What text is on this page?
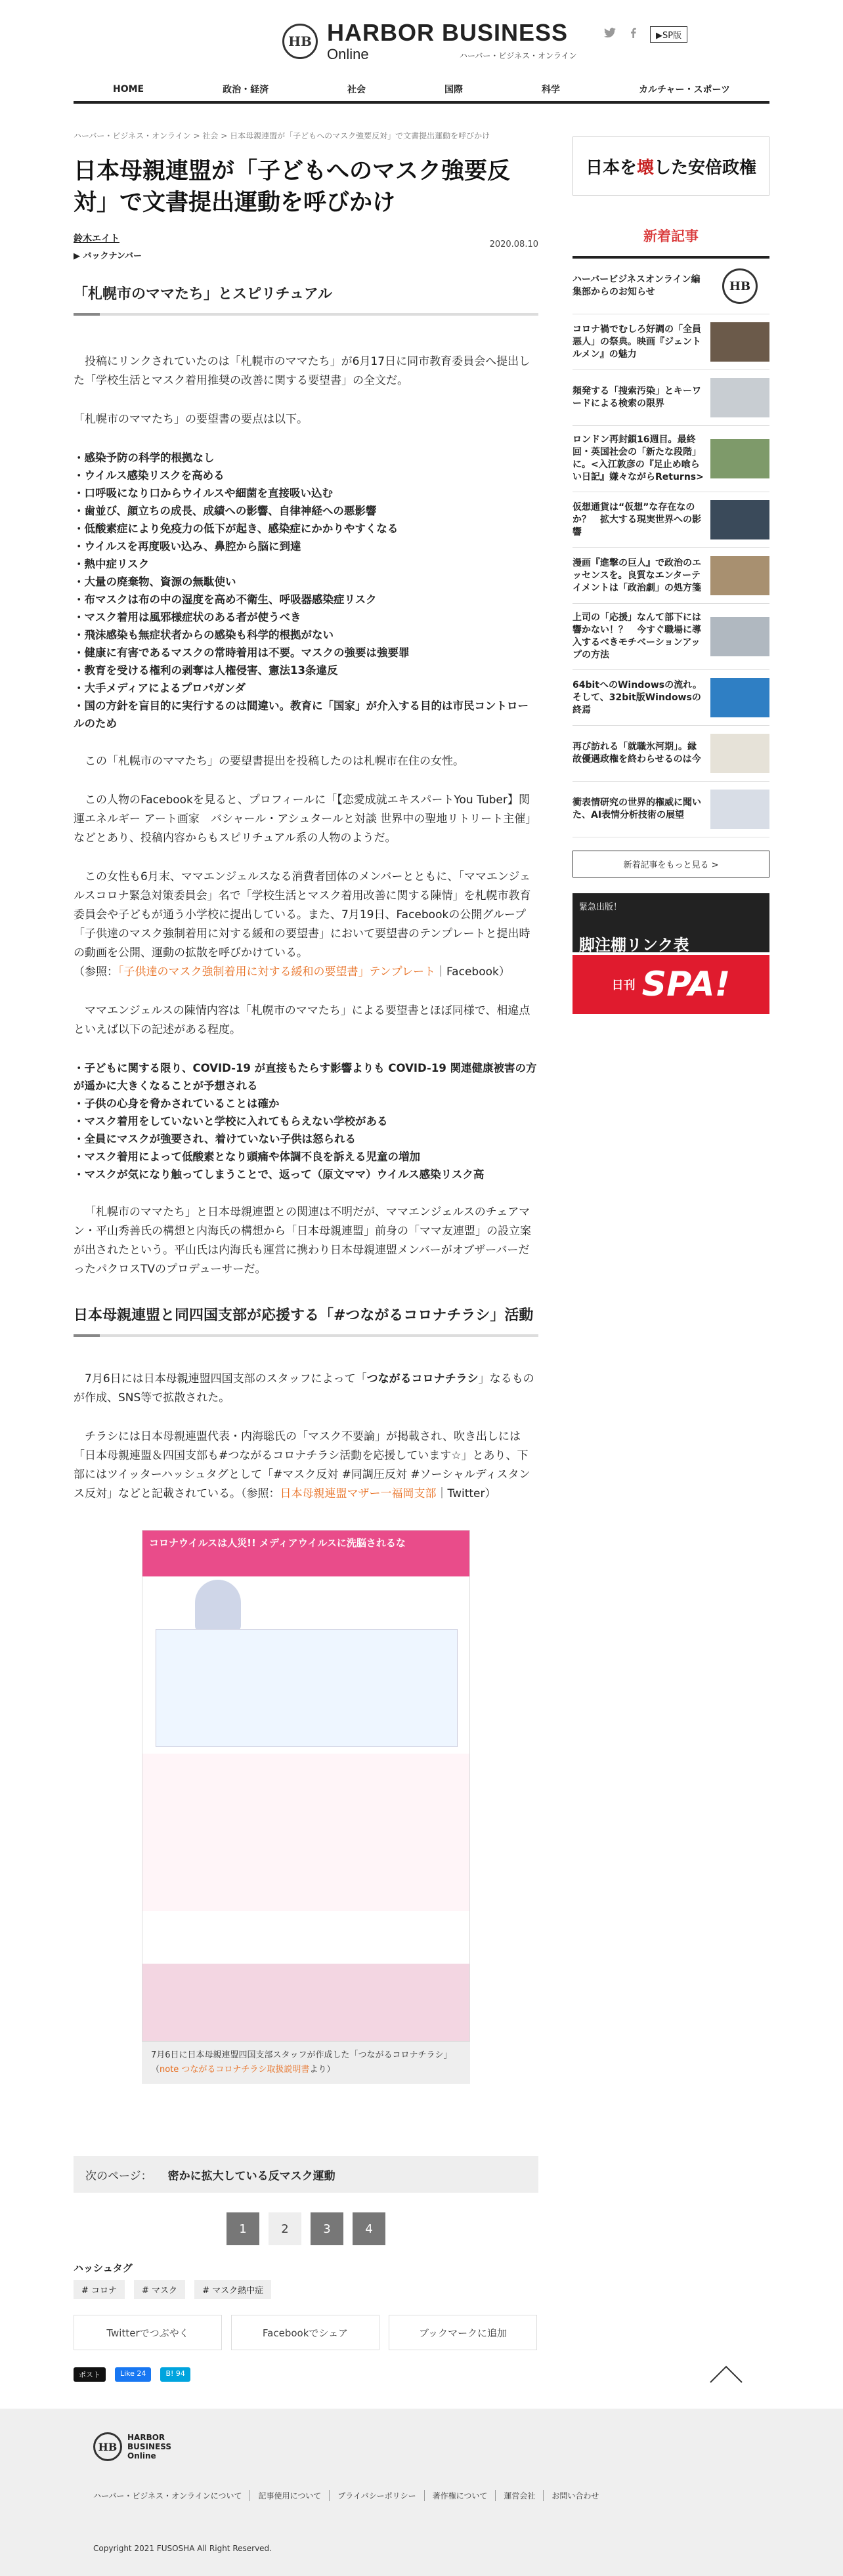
HB HARBOR BUSINESS
Online	ハーバー・ビジネス・オンライン
▶SP版
HOME	政治・経済	社会	国際	科学	カルチャー・スポーツ
ハーバー・ビジネス・オンライン > 社会 > 日本母親連盟が「子どもへのマスク強要反対」で文書提出運動を呼びかけ
日本母親連盟が「子どもへのマスク強要反対」で文書提出運動を呼びかけ
鈴木エイト
2020.08.10
▶ バックナンバー
「札幌市のママたち」とスピリチュアル

投稿にリンクされていたのは「札幌市のママたち」が6月17日に同市教育委員会へ提出した「学校生活とマスク着用推奨の改善に関する要望書」の全文だ。

「札幌市のママたち」の要望書の要点は以下。

・ 感染予防の科学的根拠なし
・ ウイルス感染リスクを高める
・ 口呼吸になり口からウイルスや細菌を直接吸い込む
・ 歯並び、顔立ちの成長、成績への影響、自律神経への悪影響
・ 低酸素症により免疫力の低下が起き、感染症にかかりやすくなる
・ ウイルスを再度吸い込み、鼻腔から脳に到達
・ 熱中症リスク
・ 大量の廃棄物、資源の無駄使い
・ 布マスクは布の中の湿度を高め不衛生、呼吸器感染症リスク
・ マスク着用は風邪様症状のある者が使うべき
・ 飛沫感染も無症状者からの感染も科学的根拠がない
・ 健康に有害であるマスクの常時着用は不要。マスクの強要は強要罪
・ 教育を受ける権利の剥奪は人権侵害、憲法13条違反
・ 大手メディアによるプロパガンダ
・ 国の方針を盲目的に実行するのは間違い。教育に「国家」が介入する目的は市民コントロールのため

この「札幌市のママたち」の要望書提出を投稿したのは札幌市在住の女性。

この人物のFacebookを見ると、プロフィールに「【恋愛成就エキスパートYou Tuber】関運エネルギー アート画家　バシャール・アシュタールと対談 世界中の聖地リトリート主催」などとあり、投稿内容からもスピリチュアル系の人物のようだ。

この女性も6月末、ママエンジェルスなる消費者団体のメンバーとともに、「ママエンジェルスコロナ緊急対策委員会」名で「学校生活とマスク着用改善に関する陳情」を札幌市教育委員会や子どもが通う小学校に提出している。また、7月19日、Facebookの公開グループ「子供達のマスク強制着用に対する緩和の要望書」において要望書のテンプレートと提出時の動画を公開、運動の拡散を呼びかけている。
（参照：「子供達のマスク強制着用に対する緩和の要望書」テンプレート｜Facebook）

ママエンジェルスの陳情内容は「札幌市のママたち」による要望書とほぼ同様で、相違点といえば以下の記述がある程度。

・ 子どもに関する限り、COVID-19 が直接もたらす影響よりも COVID-19 関連健康被害の方が遥かに大きくなることが予想される
・ 子供の心身を脅かされていることは確か
・ マスク着用をしていないと学校に入れてもらえない学校がある
・ 全員にマスクが強要され、着けていない子供は怒られる
・ マスク着用によって低酸素となり頭痛や体調不良を訴える児童の増加
・ マスクが気になり触ってしまうことで、返って（原文ママ）ウイルス感染リスク高

「札幌市のママたち」と日本母親連盟との関連は不明だが、ママエンジェルスのチェアマン・平山秀善氏の構想と内海氏の構想から「日本母親連盟」前身の「ママ友連盟」の設立案が出されたという。平山氏は内海氏も運営に携わり日本母親連盟メンバーがオブザーバーだったパクロスTVのプロデューサーだ。

日本母親連盟と同四国支部が応援する「#つながるコロナチラシ」活動

7月6日には日本母親連盟四国支部のスタッフによって「つながるコロナチラシ」なるものが作成、SNS等で拡散された。

チラシには日本母親連盟代表・内海聡氏の「マスク不要論」が掲載され、吹き出しには「日本母親連盟＆四国支部も#つながるコロナチラシ活動を応援しています☆」とあり、下部にはツイッターハッシュタグとして「#マスク反対 #同調圧反対 #ソーシャルディスタンス反対」などと記載されている。（参照：日本母親連盟マザー一福岡支部｜Twitter）

コロナウイルスは人災!! メディアウイルスに洗脳されるな
7月6日に日本母親連盟四国支部スタッフが作成した「つながるコロナチラシ」（note つながるコロナチラシ取扱説明書より）
次のページ： 密かに拡大している反マスク運動
1	2	3	4
ハッシュタグ
# コロナ	# マスク	# マスク熱中症
Twitterでつぶやく	Facebookでシェア	ブックマークに追加
ポスト	Like 24	B! 94
日本を 壊 した安倍政権
新着記事
ハーバービジネスオンライン編集部からのお知らせ	HB
コロナ禍でむしろ好調の「全員悪人」の祭典。映画『ジェントルメン』の魅力
頻発する「捜索汚染」とキーワードによる検索の限界
ロンドン再封鎖16週目。最終回・英国社会の「新たな段階」に。<入江敦彦の『足止め喰らい日記』嫌々ながらReturns>
仮想通貨は“仮想”な存在なのか？　拡大する現実世界への影響
漫画『進撃の巨人』で政治のエッセンスを。良質なエンターテイメントは「政治劇」の処方箋
上司の「応援」なんて部下には響かない！？　今すぐ職場に導入するべきモチベーションアップの方法
64bitへのWindowsの流れ。そして、32bit版Windowsの終焉
再び訪れる「就職氷河期」。縁故優遇政権を終わらせるのは今
衝表情研究の世界的権威に聞いた、AI表情分析技術の展望
新着記事をもっと見る >
緊急出版！
脚注棚リンク表
日刊 SPA!
HB
HARBOR
BUSINESS
Online
ハーバー・ビジネス・オンラインについて	記事使用について	プライバシーポリシー	著作権について	運営会社	お問い合わせ
Copyright 2021 FUSOSHA All Right Reserved.
